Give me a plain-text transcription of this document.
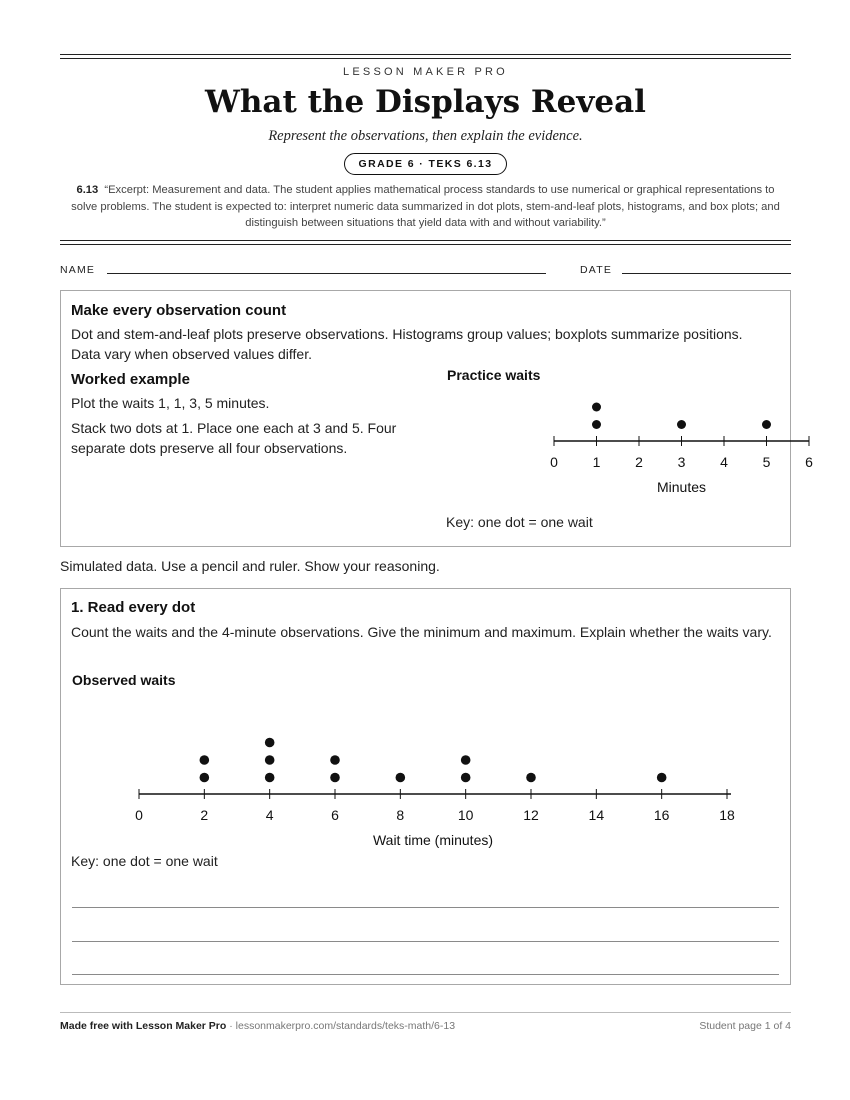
LESSON MAKER PRO
What the Displays Reveal
Represent the observations, then explain the evidence.
GRADE 6 · TEKS 6.13
6.13 “Excerpt: Measurement and data. The student applies mathematical process standards to use numerical or graphical representations to solve problems. The student is expected to: interpret numeric data summarized in dot plots, stem-and-leaf plots, histograms, and box plots; and distinguish between situations that yield data with and without variability.”
NAME	DATE
Make every observation count
Dot and stem-and-leaf plots preserve observations. Histograms group values; boxplots summarize positions. Data vary when observed values differ.
Worked example
Plot the waits 1, 1, 3, 5 minutes.
Stack two dots at 1. Place one each at 3 and 5. Four separate dots preserve all four observations.
Practice waits
0 1 2 3 4 5 6
Minutes
Key: one dot = one wait
Simulated data. Use a pencil and ruler. Show your reasoning.
1. Read every dot
Count the waits and the 4-minute observations. Give the minimum and maximum. Explain whether the waits vary.
Observed waits
0	2	4	6	8	10	12	14	16	18
Wait time (minutes)
Key: one dot = one wait
Made free with Lesson Maker Pro · lessonmakerpro.com/standards/teks-math/6-13	Student page 1 of 4
